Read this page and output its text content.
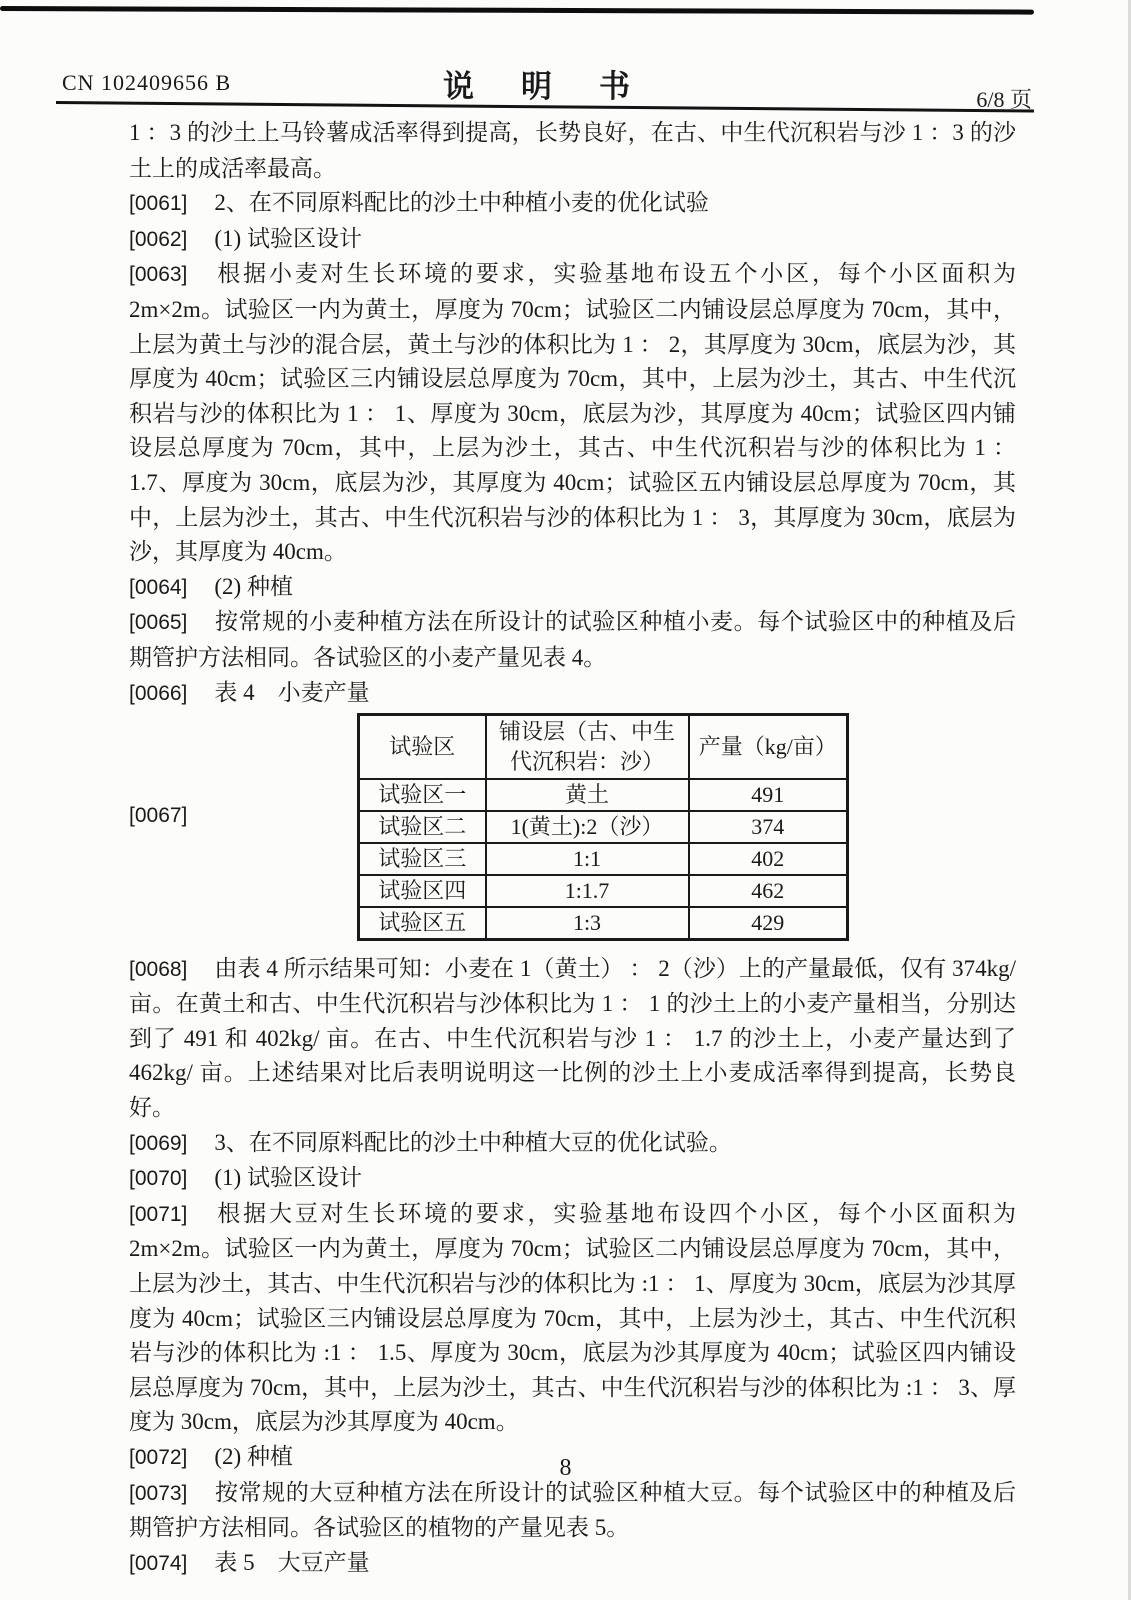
CN 102409656 B	说　明　书	6/8 页
1 ：3 的沙土上马铃薯成活率得到提高，长势良好，在古、中生代沉积岩与沙 1 ：3 的沙土上的成活率最高。
[0061] 2、在不同原料配比的沙土中种植小麦的优化试验
[0062] (1) 试验区设计
[0063] 根据小麦对生长环境的要求，实验基地布设五个小区，每个小区面积为 2m×2m。试验区一内为黄土，厚度为 70cm；试验区二内铺设层总厚度为 70cm，其中，上层为黄土与沙的混合层，黄土与沙的体积比为 1 ： 2，其厚度为 30cm，底层为沙，其厚度为 40cm；试验区三内铺设层总厚度为 70cm，其中，上层为沙土，其古、中生代沉积岩与沙的体积比为 1 ： 1、厚度为 30cm，底层为沙，其厚度为 40cm；试验区四内铺设层总厚度为 70cm，其中，上层为沙土，其古、中生代沉积岩与沙的体积比为 1 ： 1.7、厚度为 30cm，底层为沙，其厚度为 40cm；试验区五内铺设层总厚度为 70cm，其中，上层为沙土，其古、中生代沉积岩与沙的体积比为 1 ： 3，其厚度为 30cm，底层为沙，其厚度为 40cm。
[0064] (2) 种植
[0065] 按常规的小麦种植方法在所设计的试验区种植小麦。每个试验区中的种植及后期管护方法相同。各试验区的小麦产量见表 4。
[0066] 表 4　小麦产量
[0067]
试验区	铺设层（古、中生代沉积岩：沙）	产量（kg/亩）
试验区一	黄土	491
试验区二	1(黄土):2（沙）	374
试验区三	1:1	402
试验区四	1:1.7	462
试验区五	1:3	429
[0068] 由表 4 所示结果可知：小麦在 1（黄土） ： 2（沙）上的产量最低，仅有 374kg/ 亩。在黄土和古、中生代沉积岩与沙体积比为 1 ： 1 的沙土上的小麦产量相当，分别达到了 491 和 402kg/ 亩。在古、中生代沉积岩与沙 1 ： 1.7 的沙土上，小麦产量达到了 462kg/ 亩。上述结果对比后表明说明这一比例的沙土上小麦成活率得到提高，长势良好。
[0069] 3、在不同原料配比的沙土中种植大豆的优化试验。
[0070] (1) 试验区设计
[0071] 根据大豆对生长环境的要求，实验基地布设四个小区，每个小区面积为 2m×2m。试验区一内为黄土，厚度为 70cm；试验区二内铺设层总厚度为 70cm，其中，上层为沙土，其古、中生代沉积岩与沙的体积比为 :1 ： 1、厚度为 30cm，底层为沙其厚度为 40cm；试验区三内铺设层总厚度为 70cm，其中，上层为沙土，其古、中生代沉积岩与沙的体积比为 :1 ： 1.5、厚度为 30cm，底层为沙其厚度为 40cm；试验区四内铺设层总厚度为 70cm，其中，上层为沙土，其古、中生代沉积岩与沙的体积比为 :1 ： 3、厚度为 30cm，底层为沙其厚度为 40cm。
[0072] (2) 种植
[0073] 按常规的大豆种植方法在所设计的试验区种植大豆。每个试验区中的种植及后期管护方法相同。各试验区的植物的产量见表 5。
[0074] 表 5　大豆产量
8
